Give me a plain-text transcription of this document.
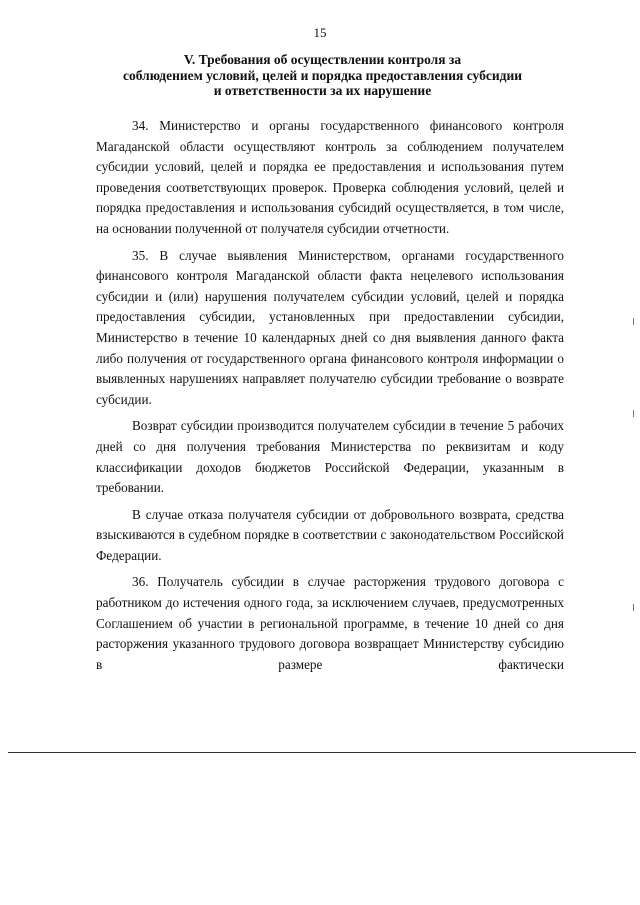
15
V. Требования об осуществлении контроля за
соблюдением условий, целей и порядка предоставления субсидии
и ответственности за их нарушение

34. Министерство и органы государственного финансового контроля Магаданской области осуществляют контроль за соблюдением получателем субсидии условий, целей и порядка ее предоставления и использования путем проведения соответствующих проверок. Проверка соблюдения условий, целей и порядка предоставления и использования субсидий осуществляется, в том числе, на основании полученной от получателя субсидии отчетности.

35. В случае выявления Министерством, органами государственного финансового контроля Магаданской области факта нецелевого использования субсидии и (или) нарушения получателем субсидии условий, целей и порядка предоставления субсидии, установленных при предоставлении субсидии, Министерство в течение 10 календарных дней со дня выявления данного факта либо получения от государственного органа финансового контроля информации о выявленных нарушениях направляет получателю субсидии требование о возврате субсидии.

Возврат субсидии производится получателем субсидии в течение 5 рабочих дней со дня получения требования Министерства по реквизитам и коду классификации доходов бюджетов Российской Федерации, указанным в требовании.

В случае отказа получателя субсидии от добровольного возврата, средства взыскиваются в судебном порядке в соответствии с законодательством Российской Федерации.

36. Получатель субсидии в случае расторжения трудового договора с работником до истечения одного года, за исключением случаев, предусмотренных Соглашением об участии в региональной программе, в течение 10 дней со дня расторжения указанного трудового договора возвращает Министерству субсидию в размере фактически
